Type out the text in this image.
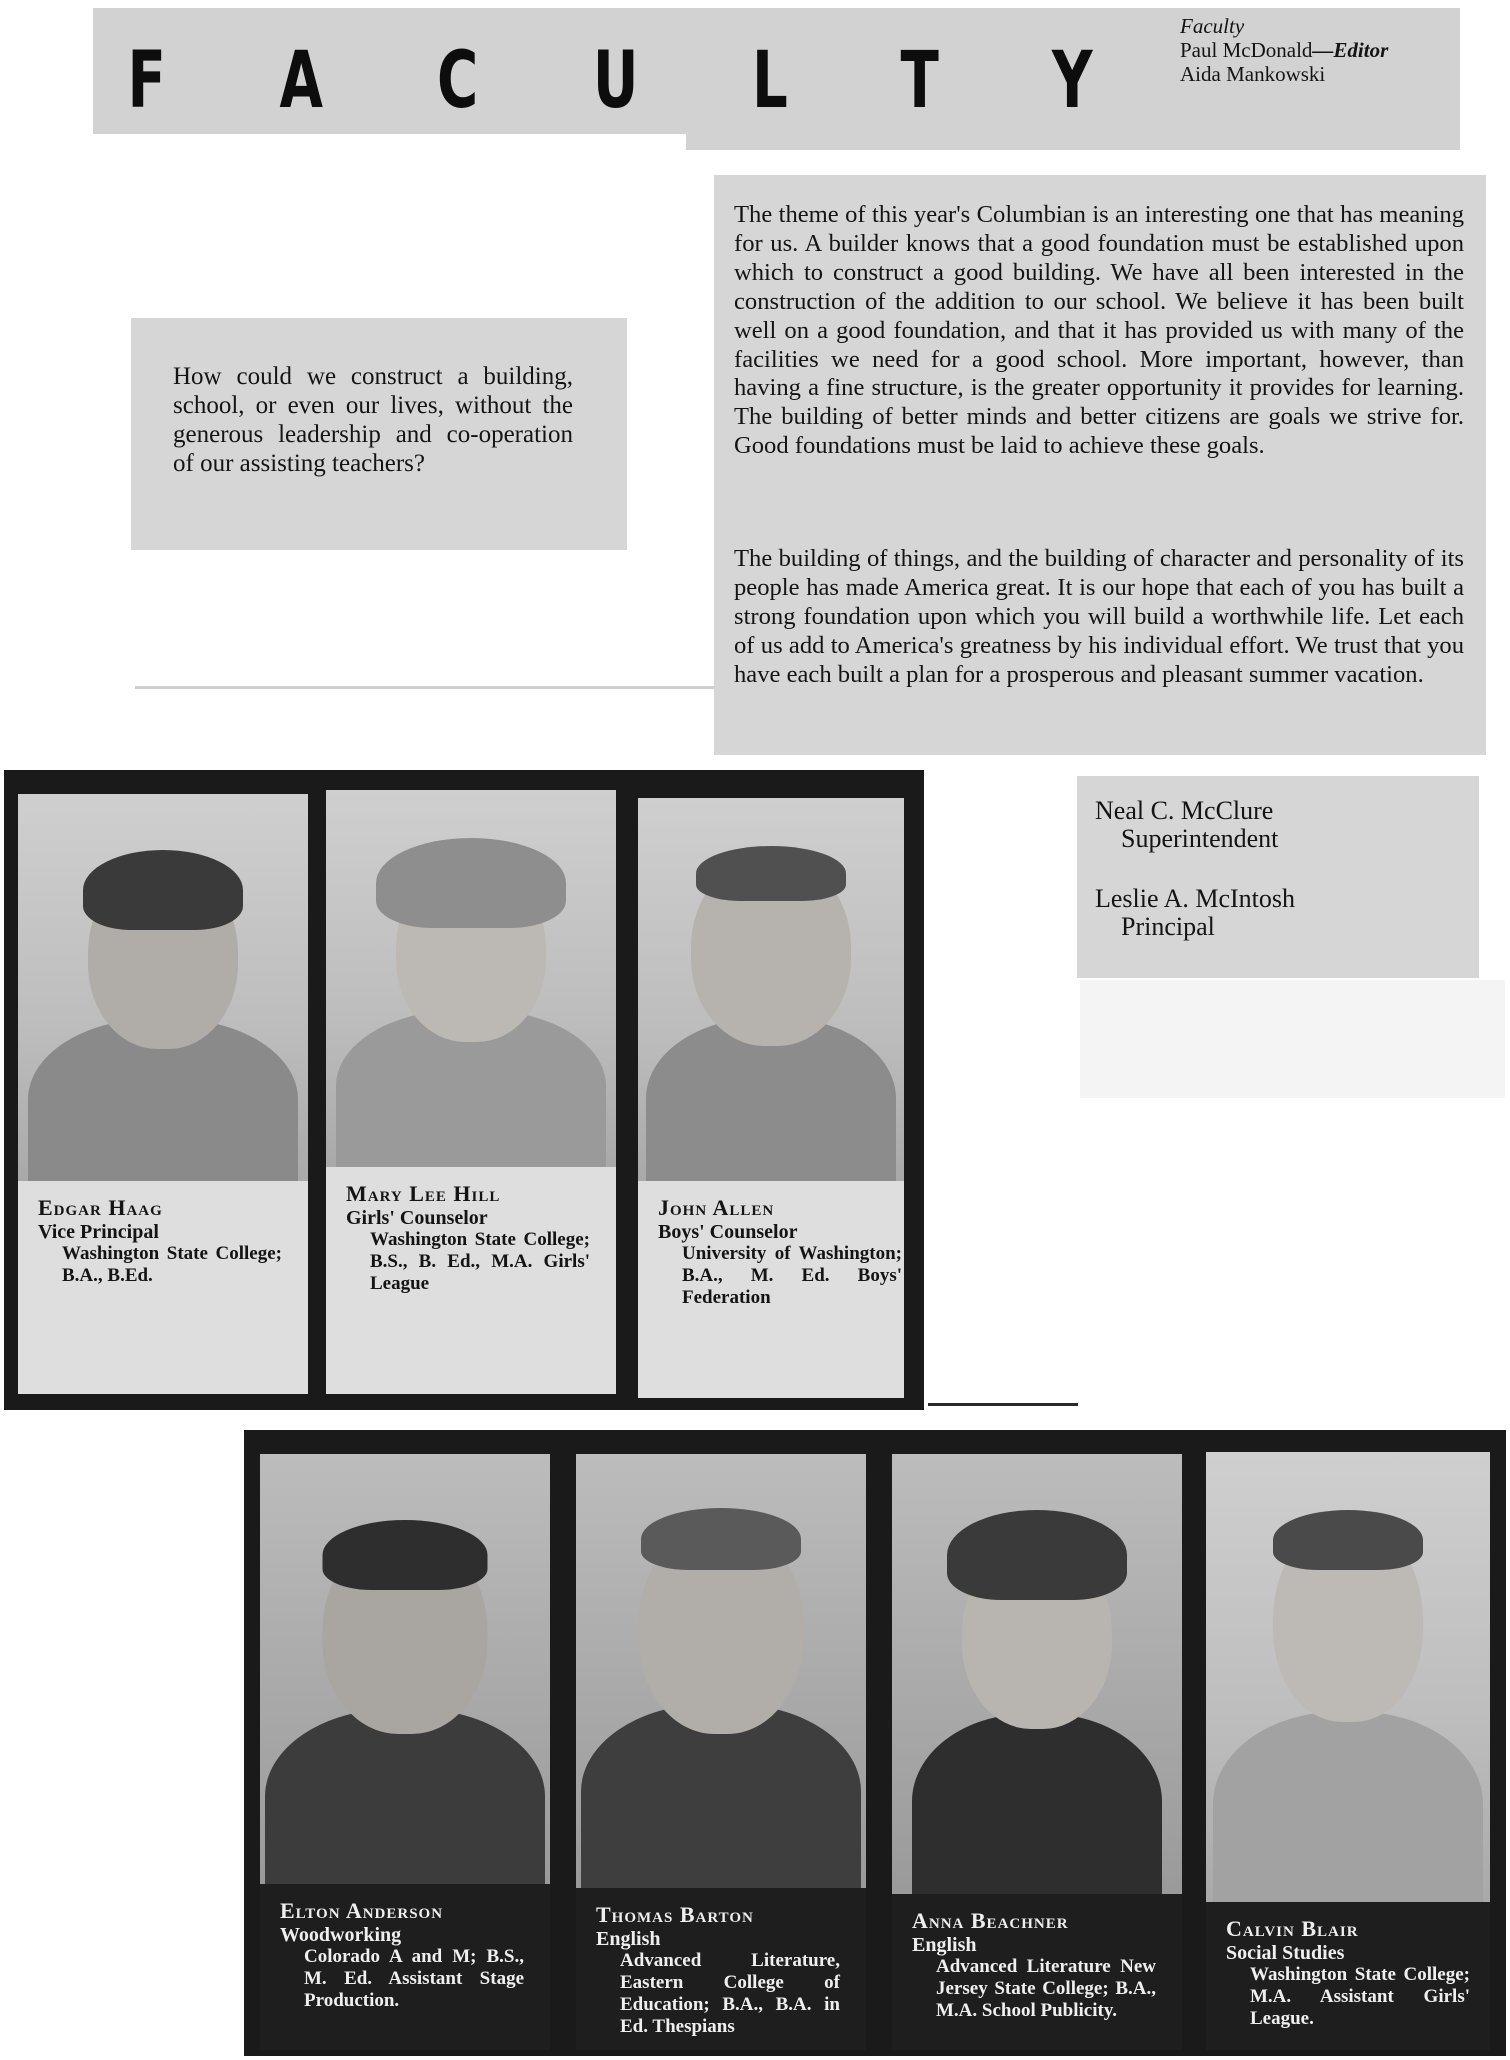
F A C U L T Y
Faculty
Paul McDonald—Editor
Aida Mankowski

How could we construct a building, school, or even our lives, without the generous leadership and co-operation of our assisting teachers?

The theme of this year's Columbian is an interesting one that has meaning for us. A builder knows that a good foundation must be established upon which to construct a good building. We have all been interested in the construction of the addition to our school. We believe it has been built well on a good foundation, and that it has provided us with many of the facilities we need for a good school. More important, however, than having a fine structure, is the greater opportunity it provides for learning. The building of better minds and better citizens are goals we strive for. Good foundations must be laid to achieve these goals.

The building of things, and the building of character and personality of its people has made America great. It is our hope that each of you has built a strong foundation upon which you will build a worthwhile life. Let each of us add to America's greatness by his individual effort. We trust that you have each built a plan for a prosperous and pleasant summer vacation.

Neal C. McClure
Superintendent
Leslie A. McIntosh
Principal
Edgar Haag
Vice Principal
Washington State College; B.A., B.Ed.
Mary Lee Hill
Girls' Counselor
Washington State College; B.S., B. Ed., M.A. Girls' League
John Allen
Boys' Counselor
University of Washington; B.A., M. Ed. Boys' Federation
Elton Anderson
Woodworking
Colorado A and M; B.S., M. Ed. Assistant Stage Production.
Thomas Barton
English
Advanced Literature, Eastern College of Education; B.A., B.A. in Ed. Thespians
Anna Beachner
English
Advanced Literature New Jersey State College; B.A., M.A. School Publicity.
Calvin Blair
Social Studies
Washington State College; M.A. Assistant Girls' League.
